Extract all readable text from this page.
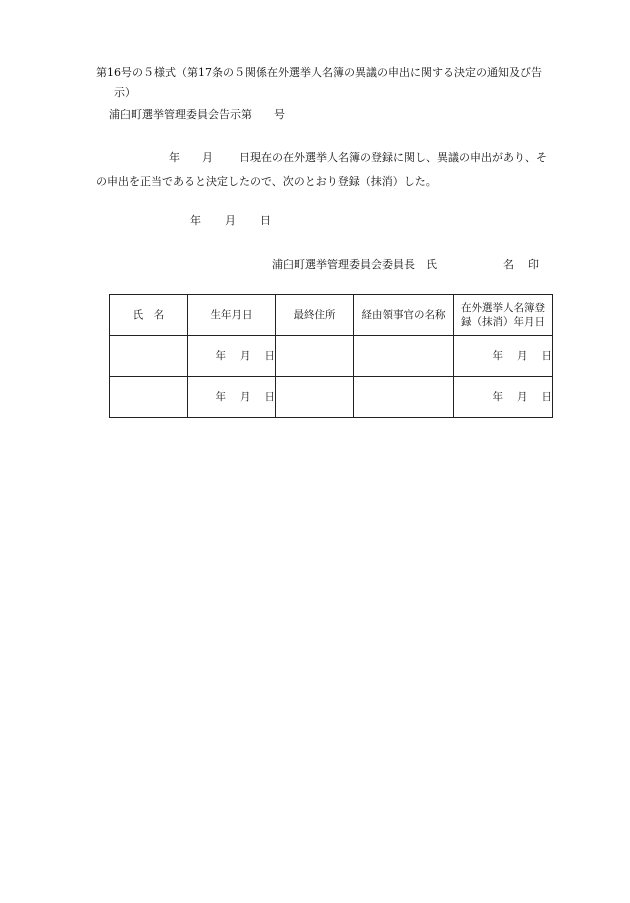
第16号の５様式（第17条の５関係在外選挙人名簿の異議の申出に関する決定の通知及び告
示）
浦臼町選挙管理委員会告示第　　号
年 月 日現在の在外選挙人名簿の登録に関し、異議の申出があり、そ
の申出を正当であると決定したので、次のとおり登録（抹消）した。
年 月 日
浦臼町選挙管理委員会委員長　氏	名 印
氏　名	生年月日	最終住所	経由領事官の名称	在外選挙人名簿登
録（抹消）年月日
	年 月 日			年 月 日
	年 月 日			年 月 日
